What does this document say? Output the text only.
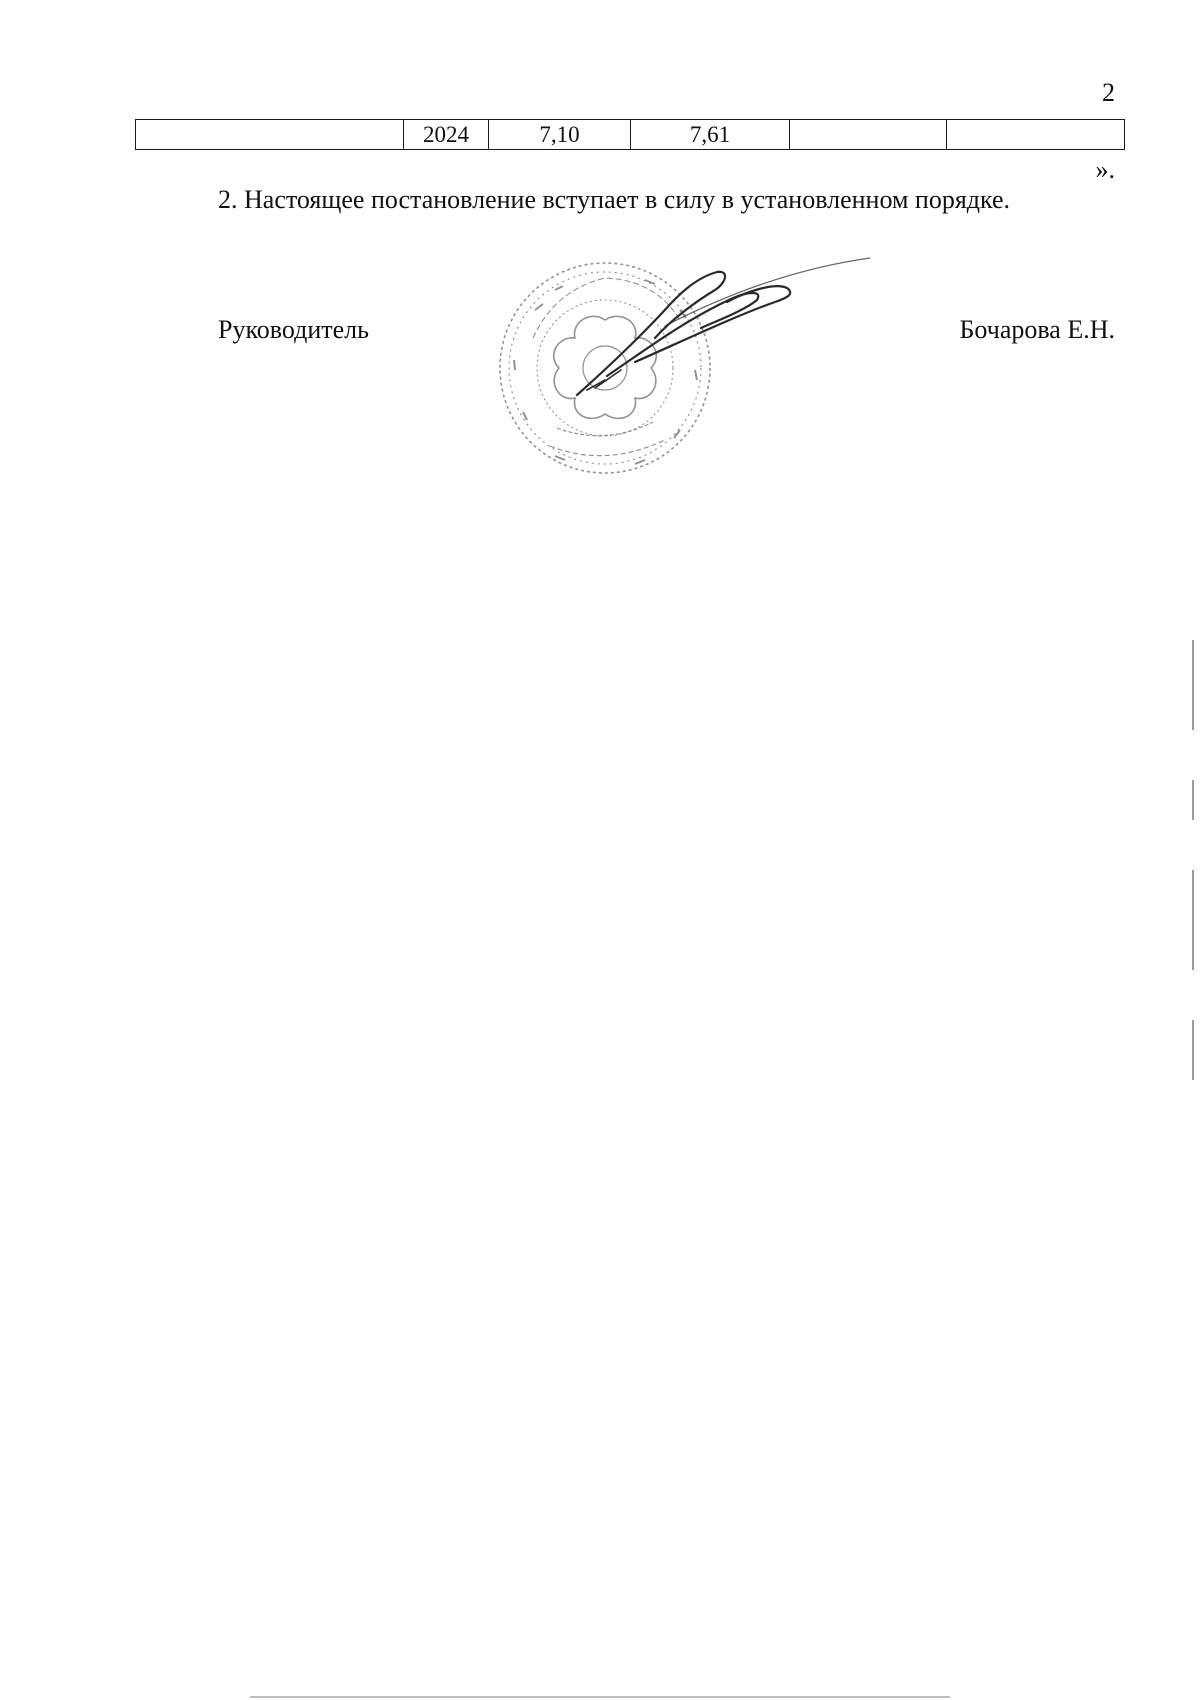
2
	2024	7,10	7,61		
».

2. Настоящее постановление вступает в силу в установленном порядке.

Руководитель	Бочарова Е.Н.
